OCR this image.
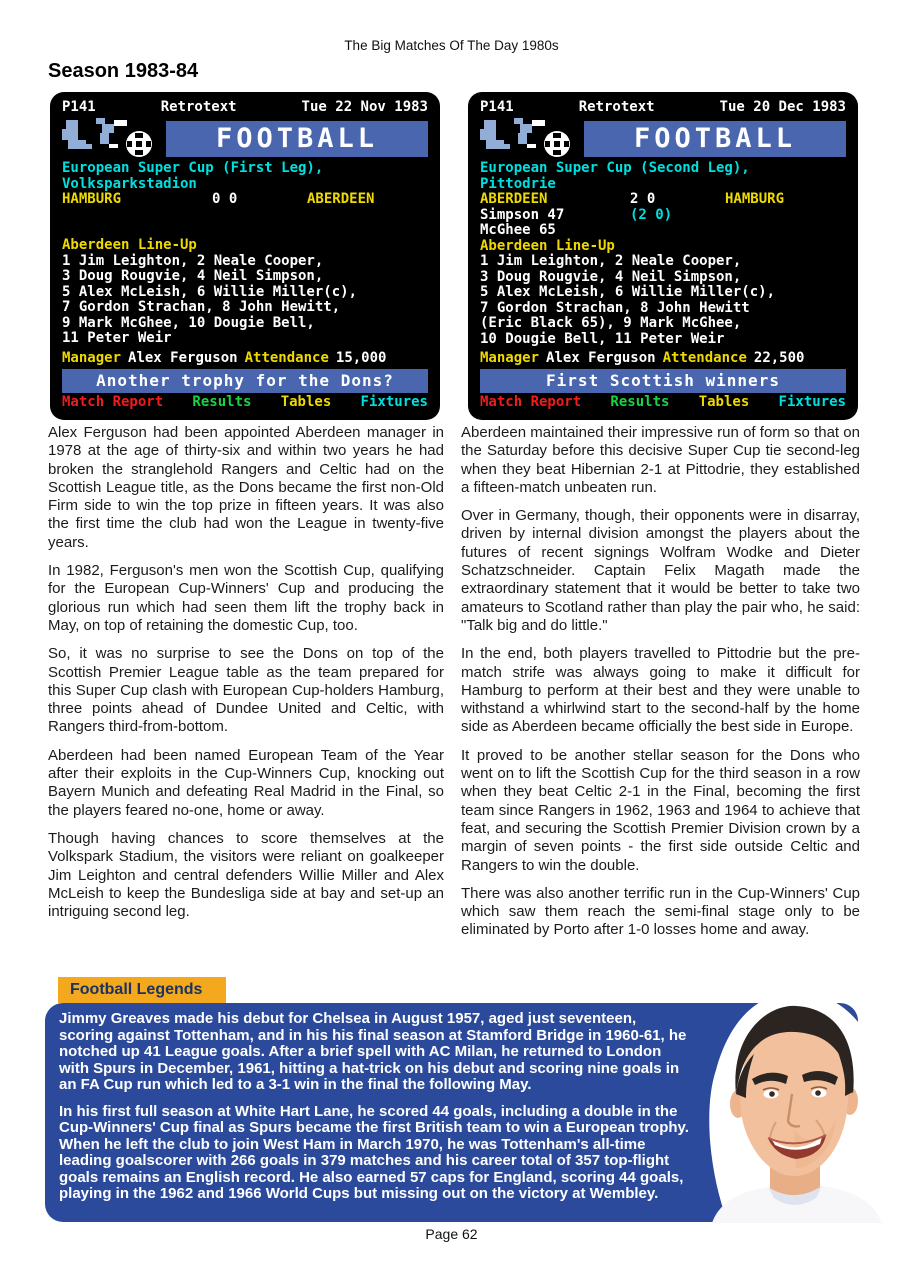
The Big Matches Of The Day 1980s
Season 1983-84
P141	Retrotext	Tue 22 Nov 1983
FOOTBALL
European Super Cup (First Leg),
Volksparkstadion
HAMBURG	0 0	ABERDEEN
Aberdeen Line-Up
1 Jim Leighton, 2 Neale Cooper,
3 Doug Rougvie, 4 Neil Simpson,
5 Alex McLeish, 6 Willie Miller(c),
7 Gordon Strachan, 8 John Hewitt,
9 Mark McGhee, 10 Dougie Bell,
11 Peter Weir
Manager Alex Ferguson Attendance 15,000
Another trophy for the Dons?
Match Report Results Tables Fixtures
P141	Retrotext	Tue 20 Dec 1983
FOOTBALL
European Super Cup (Second Leg),
Pittodrie
ABERDEEN	2 0	HAMBURG
Simpson 47	(2 0)
McGhee 65
Aberdeen Line-Up
1 Jim Leighton, 2 Neale Cooper,
3 Doug Rougvie, 4 Neil Simpson,
5 Alex McLeish, 6 Willie Miller(c),
7 Gordon Strachan, 8 John Hewitt
(Eric Black 65), 9 Mark McGhee,
10 Dougie Bell, 11 Peter Weir
Manager Alex Ferguson Attendance 22,500
First Scottish winners
Match Report Results Tables Fixtures

Alex Ferguson had been appointed Aberdeen manager in 1978 at the age of thirty-six and within two years he had broken the stranglehold Rangers and Celtic had on the Scottish League title, as the Dons became the first non-Old Firm side to win the top prize in fifteen years. It was also the first time the club had won the League in twenty-five years.

In 1982, Ferguson's men won the Scottish Cup, qualifying for the European Cup-Winners' Cup and producing the glorious run which had seen them lift the trophy back in May, on top of retaining the domestic Cup, too.

So, it was no surprise to see the Dons on top of the Scottish Premier League table as the team prepared for this Super Cup clash with European Cup-holders Hamburg, three points ahead of Dundee United and Celtic, with Rangers third-from-bottom.

Aberdeen had been named European Team of the Year after their exploits in the Cup-Winners Cup, knocking out Bayern Munich and defeating Real Madrid in the Final, so the players feared no-one, home or away.

Though having chances to score themselves at the Volkspark Stadium, the visitors were reliant on goalkeeper Jim Leighton and central defenders Willie Miller and Alex McLeish to keep the Bundesliga side at bay and set-up an intriguing second leg.

Aberdeen maintained their impressive run of form so that on the Saturday before this decisive Super Cup tie second-leg when they beat Hibernian 2-1 at Pittodrie, they established a fifteen-match unbeaten run.

Over in Germany, though, their opponents were in disarray, driven by internal division amongst the players about the futures of recent signings Wolfram Wodke and Dieter Schatzschneider. Captain Felix Magath made the extraordinary statement that it would be better to take two amateurs to Scotland rather than play the pair who, he said: "Talk big and do little."

In the end, both players travelled to Pittodrie but the pre-match strife was always going to make it difficult for Hamburg to perform at their best and they were unable to withstand a whirlwind start to the second-half by the home side as Aberdeen became officially the best side in Europe.

It proved to be another stellar season for the Dons who went on to lift the Scottish Cup for the third season in a row when they beat Celtic 2-1 in the Final, becoming the first team since Rangers in 1962, 1963 and 1964 to achieve that feat, and securing the Scottish Premier Division crown by a margin of seven points - the first side outside Celtic and Rangers to win the double.

There was also another terrific run in the Cup-Winners' Cup which saw them reach the semi-final stage only to be eliminated by Porto after 1-0 losses home and away.

Football Legends

Jimmy Greaves made his debut for Chelsea in August 1957, aged just seventeen, scoring against Tottenham, and in his his final season at Stamford Bridge in 1960-61, he notched up 41 League goals. After a brief spell with AC Milan, he returned to London with Spurs in December, 1961, hitting a hat-trick on his debut and scoring nine goals in an FA Cup run which led to a 3-1 win in the final the following May.

In his first full season at White Hart Lane, he scored 44 goals, including a double in the Cup-Winners' Cup final as Spurs became the first British team to win a European trophy. When he left the club to join West Ham in March 1970, he was Tottenham's all-time leading goalscorer with 266 goals in 379 matches and his career total of 357 top-flight goals remains an English record. He also earned 57 caps for England, scoring 44 goals, playing in the 1962 and 1966 World Cups but missing out on the victory at Wembley.

Page 62
